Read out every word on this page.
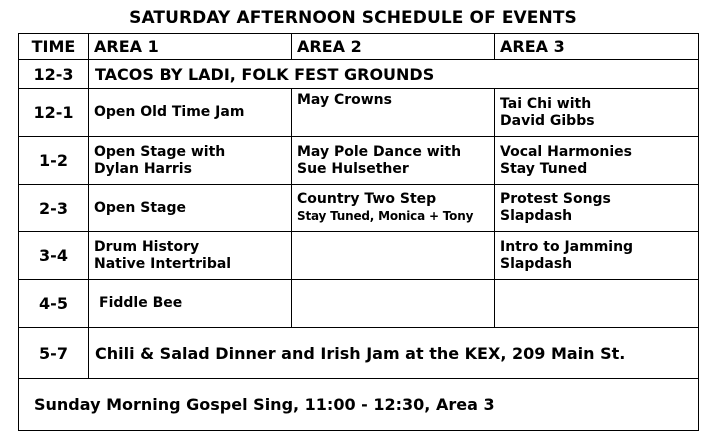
SATURDAY AFTERNOON SCHEDULE OF EVENTS
TIME	AREA 1	AREA 2	AREA 3
12-3	TACOS BY LADI, FOLK FEST GROUNDS		
12-1	Open Old Time Jam	May Crowns	Tai Chi with
David Gibbs

1-2	Open Stage with
Dylan Harris	May Pole Dance with
Sue Hulsether	Vocal Harmonies
Stay Tuned

2-3	Open Stage	Country Two Step
Stay Tuned, Monica + Tony	Protest Songs
Slapdash

3-4	Drum History
Native Intertribal		Intro to Jamming
Slapdash

4-5	Fiddle Bee		

5-7	Chili & Salad Dinner and Irish Jam at the KEX, 209 Main St.		
Sunday Morning Gospel Sing, 11:00 - 12:30, Area 3			
